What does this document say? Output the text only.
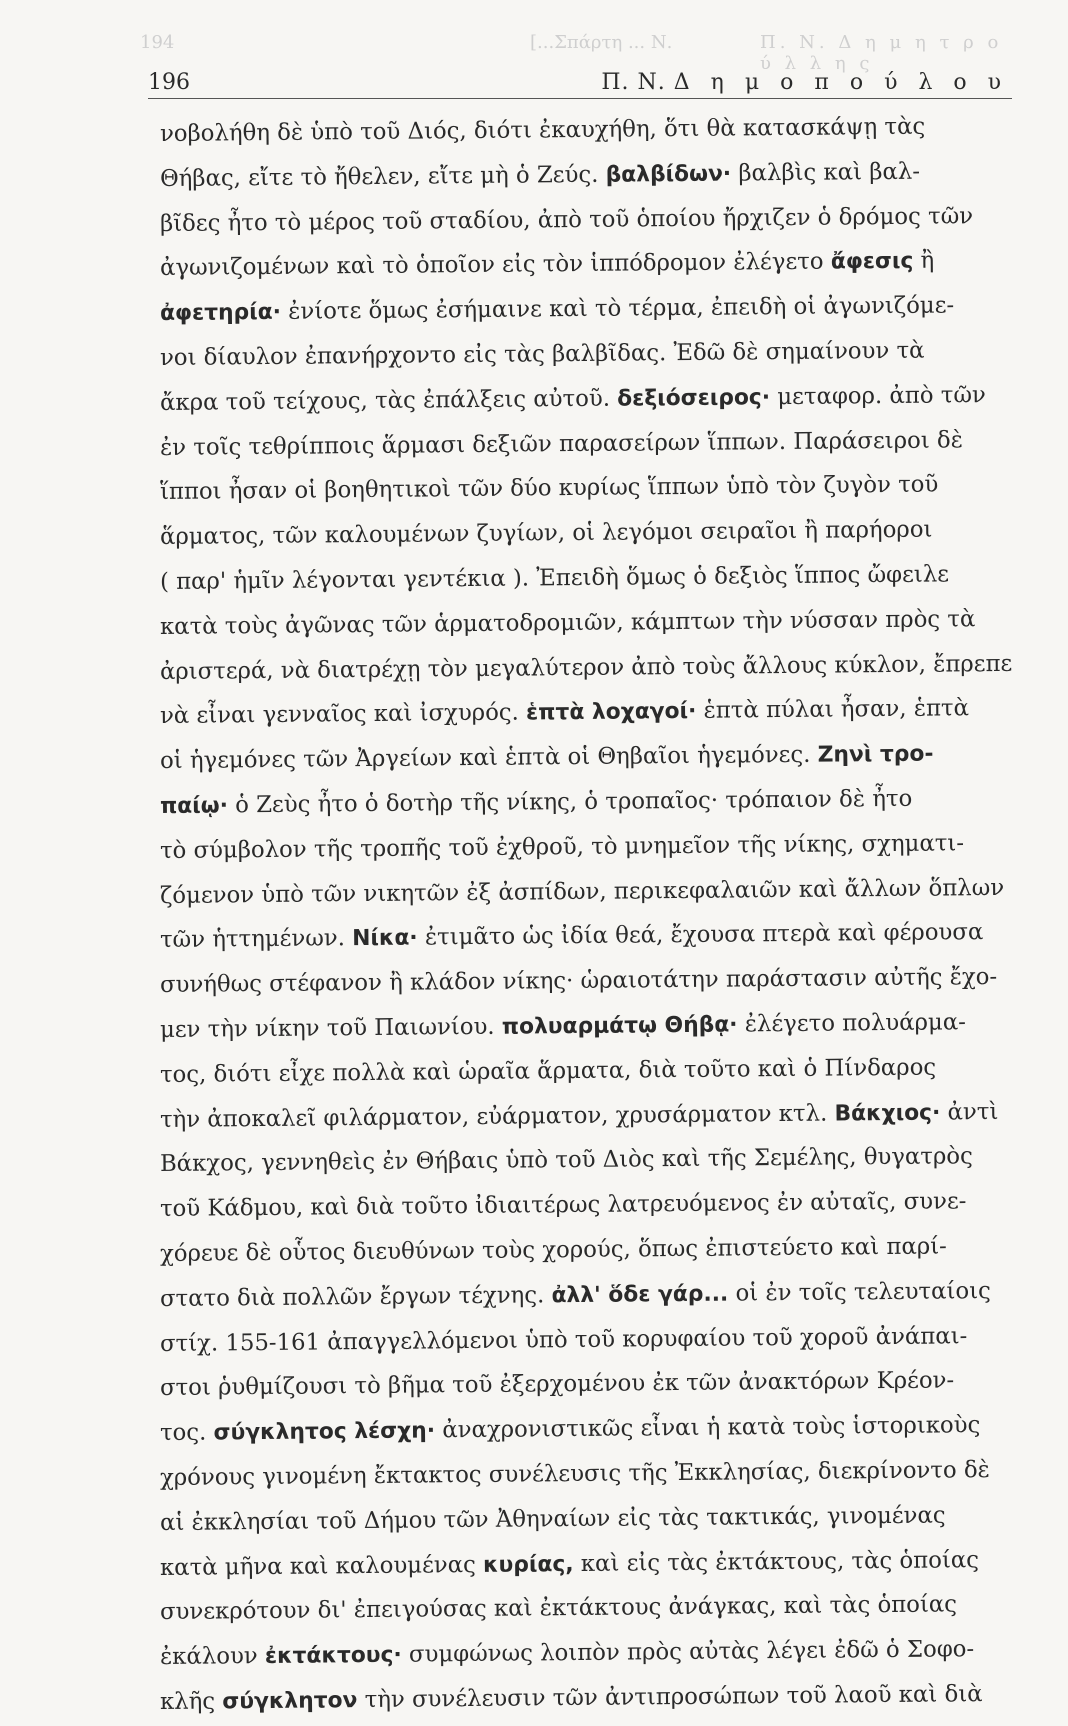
194	[...Σπάρτη ... Ν.	Π. Ν. Δ η μ η τ ρ ο ύ λ λ η ς
196	Π. Ν. Δ η μ ο π ο ύ λ ο υ
νοβολήθη δὲ ὑπὸ τοῦ Διός, διότι ἐκαυχήθη, ὅτι θὰ κατασκάψῃ τὰς
Θήβας, εἴτε τὸ ἤθελεν, εἴτε μὴ ὁ Ζεύς. βαλβίδων· βαλβὶς καὶ βαλ-
βῖδες ἦτο τὸ μέρος τοῦ σταδίου, ἀπὸ τοῦ ὁποίου ἤρχιζεν ὁ δρόμος τῶν
ἀγωνιζομένων καὶ τὸ ὁποῖον εἰς τὸν ἱππόδρομον ἐλέγετο ἄφεσις ἢ
ἀφετηρία· ἐνίοτε ὅμως ἐσήμαινε καὶ τὸ τέρμα, ἐπειδὴ οἱ ἀγωνιζόμε-
νοι δίαυλον ἐπανήρχοντο εἰς τὰς βαλβῖδας. Ἐδῶ δὲ σημαίνουν τὰ
ἄκρα τοῦ τείχους, τὰς ἐπάλξεις αὐτοῦ. δεξιόσειρος· μεταφορ. ἀπὸ τῶν
ἐν τοῖς τεθρίπποις ἅρμασι δεξιῶν παρασείρων ἵππων. Παράσειροι δὲ
ἵπποι ἦσαν οἱ βοηθητικοὶ τῶν δύο κυρίως ἵππων ὑπὸ τὸν ζυγὸν τοῦ
ἅρματος, τῶν καλουμένων ζυγίων, οἱ λεγόμοι σειραῖοι ἢ παρήοροι
( παρ' ἡμῖν λέγονται γεντέκια ). Ἐπειδὴ ὅμως ὁ δεξιὸς ἵππος ὤφειλε
κατὰ τοὺς ἀγῶνας τῶν ἁρματοδρομιῶν, κάμπτων τὴν νύσσαν πρὸς τὰ
ἀριστερά, νὰ διατρέχῃ τὸν μεγαλύτερον ἀπὸ τοὺς ἄλλους κύκλον, ἔπρεπε
νὰ εἶναι γενναῖος καὶ ἰσχυρός. ἑπτὰ λοχαγοί· ἑπτὰ πύλαι ἦσαν, ἑπτὰ
οἱ ἡγεμόνες τῶν Ἀργείων καὶ ἑπτὰ οἱ Θηβαῖοι ἡγεμόνες. Ζηνὶ τρο-
παίῳ· ὁ Ζεὺς ἦτο ὁ δοτὴρ τῆς νίκης, ὁ τροπαῖος· τρόπαιον δὲ ἦτο
τὸ σύμβολον τῆς τροπῆς τοῦ ἐχθροῦ, τὸ μνημεῖον τῆς νίκης, σχηματι-
ζόμενον ὑπὸ τῶν νικητῶν ἐξ ἀσπίδων, περικεφαλαιῶν καὶ ἄλλων ὅπλων
τῶν ἡττημένων. Νίκα· ἐτιμᾶτο ὡς ἰδία θεά, ἔχουσα πτερὰ καὶ φέρουσα
συνήθως στέφανον ἢ κλάδον νίκης· ὡραιοτάτην παράστασιν αὐτῆς ἔχο-
μεν τὴν νίκην τοῦ Παιωνίου. πολυαρμάτῳ Θήβᾳ· ἐλέγετο πολυάρμα-
τος, διότι εἶχε πολλὰ καὶ ὡραῖα ἅρματα, διὰ τοῦτο καὶ ὁ Πίνδαρος
τὴν ἀποκαλεῖ φιλάρματον, εὐάρματον, χρυσάρματον κτλ. Βάκχιος· ἀντὶ
Βάκχος, γεννηθεὶς ἐν Θήβαις ὑπὸ τοῦ Διὸς καὶ τῆς Σεμέλης, θυγατρὸς
τοῦ Κάδμου, καὶ διὰ τοῦτο ἰδιαιτέρως λατρευόμενος ἐν αὐταῖς, συνε-
χόρευε δὲ οὗτος διευθύνων τοὺς χορούς, ὅπως ἐπιστεύετο καὶ παρί-
στατο διὰ πολλῶν ἔργων τέχνης. ἀλλ' ὅδε γάρ... οἱ ἐν τοῖς τελευταίοις
στίχ. 155-161 ἀπαγγελλόμενοι ὑπὸ τοῦ κορυφαίου τοῦ χοροῦ ἀνάπαι-
στοι ῥυθμίζουσι τὸ βῆμα τοῦ ἐξερχομένου ἐκ τῶν ἀνακτόρων Κρέον-
τος. σύγκλητος λέσχη· ἀναχρονιστικῶς εἶναι ἡ κατὰ τοὺς ἱστορικοὺς
χρόνους γινομένη ἔκτακτος συνέλευσις τῆς Ἐκκλησίας, διεκρίνοντο δὲ
αἱ ἐκκλησίαι τοῦ Δήμου τῶν Ἀθηναίων εἰς τὰς τακτικάς, γινομένας
κατὰ μῆνα καὶ καλουμένας κυρίας, καὶ εἰς τὰς ἐκτάκτους, τὰς ὁποίας
συνεκρότουν δι' ἐπειγούσας καὶ ἐκτάκτους ἀνάγκας, καὶ τὰς ὁποίας
ἐκάλουν ἐκτάκτους· συμφώνως λοιπὸν πρὸς αὐτὰς λέγει ἐδῶ ὁ Σοφο-
κλῆς σύγκλητον τὴν συνέλευσιν τῶν ἀντιπροσώπων τοῦ λαοῦ καὶ διὰ
